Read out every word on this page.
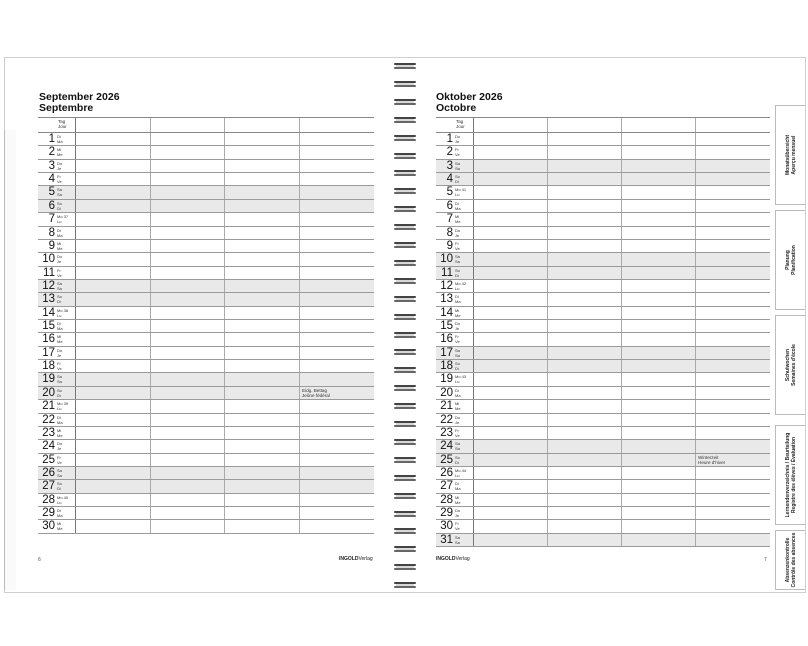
September 2026
Septembre
Tag
Jour
1 Di
Ma
2 Mi
Me
3 Do
Je
4 Fr
Ve
5 Sa
Sa
6 So
Di
7 Mo 37
Lu
8 Di
Ma
9 Mi
Me
10 Do
Je
11 Fr
Ve
12 Sa
Sa
13 So
Di
14 Mo 38
Lu
15 Di
Ma
16 Mi
Me
17 Do
Je
18 Fr
Ve
19 Sa
Sa
20 So
Di
Eidg. Bettag
Jeûne fédéral
21 Mo 39
Lu
22 Di
Ma
23 Mi
Me
24 Do
Je
25 Fr
Ve
26 Sa
Sa
27 So
Di
28 Mo 40
Lu
29 Di
Ma
30 Mi
Me
6	INGOLDVerlag
Oktober 2026
Octobre
Tag
Jour
1 Do
Je
2 Fr
Ve
3 Sa
Sa
4 So
Di
5 Mo 41
Lu
6 Di
Ma
7 Mi
Me
8 Do
Je
9 Fr
Ve
10 Sa
Sa
11 So
Di
12 Mo 42
Lu
13 Di
Ma
14 Mi
Me
15 Do
Je
16 Fr
Ve
17 Sa
Sa
18 So
Di
19 Mo 43
Lu
20 Di
Ma
21 Mi
Me
22 Do
Je
23 Fr
Ve
24 Sa
Sa
25 So
Di
Winterzeit
Heure d'hiver
26 Mo 44
Lu
27 Di
Ma
28 Mi
Me
29 Do
Je
30 Fr
Ve
31 Sa
Sa
INGOLDVerlag	7
Monatsübersicht Aperçu mensuel
Planung Planification
Schulwochen Semaines d'école
Lernendenverzeichnis / Beurteilung Registre des élèves / Évaluation
Absenzenkontrolle Contrôle des absences
